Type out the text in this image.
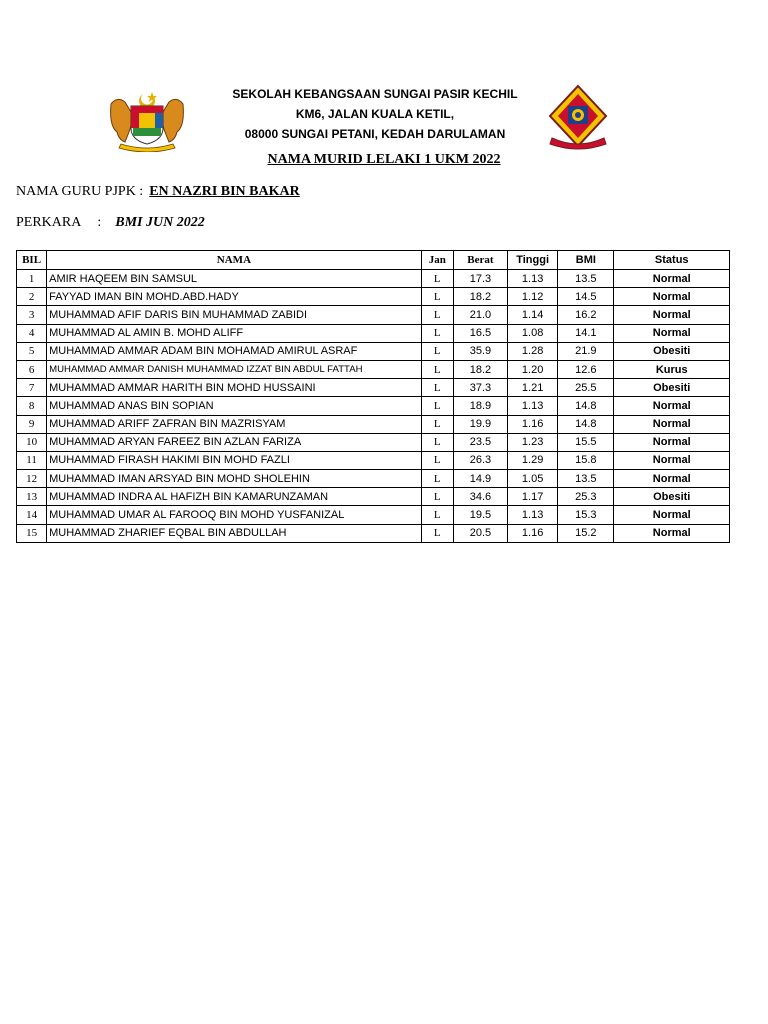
SEKOLAH KEBANGSAAN SUNGAI PASIR KECHIL
KM6, JALAN KUALA KETIL,
08000 SUNGAI PETANI, KEDAH DARULAMAN
NAMA MURID LELAKI 1 UKM 2022
NAMA GURU PJPK : EN NAZRI BIN BAKAR
PERKARA : BMI JUN 2022
BIL	NAMA	Jan	Berat	Tinggi	BMI	Status
1	AMIR HAQEEM BIN SAMSUL	L	17.3	1.13	13.5	Normal
2	FAYYAD IMAN BIN MOHD.ABD.HADY	L	18.2	1.12	14.5	Normal
3	MUHAMMAD AFIF DARIS BIN MUHAMMAD ZABIDI	L	21.0	1.14	16.2	Normal
4	MUHAMMAD AL AMIN B. MOHD ALIFF	L	16.5	1.08	14.1	Normal
5	MUHAMMAD AMMAR ADAM BIN MOHAMAD AMIRUL ASRAF	L	35.9	1.28	21.9	Obesiti
6	MUHAMMAD AMMAR DANISH MUHAMMAD IZZAT BIN ABDUL FATTAH	L	18.2	1.20	12.6	Kurus
7	MUHAMMAD AMMAR HARITH BIN MOHD HUSSAINI	L	37.3	1.21	25.5	Obesiti
8	MUHAMMAD ANAS BIN SOPIAN	L	18.9	1.13	14.8	Normal
9	MUHAMMAD ARIFF ZAFRAN BIN MAZRISYAM	L	19.9	1.16	14.8	Normal
10	MUHAMMAD ARYAN FAREEZ BIN AZLAN FARIZA	L	23.5	1.23	15.5	Normal
11	MUHAMMAD FIRASH HAKIMI BIN MOHD FAZLI	L	26.3	1.29	15.8	Normal
12	MUHAMMAD IMAN ARSYAD BIN MOHD SHOLEHIN	L	14.9	1.05	13.5	Normal
13	MUHAMMAD INDRA AL HAFIZH BIN KAMARUNZAMAN	L	34.6	1.17	25.3	Obesiti
14	MUHAMMAD UMAR AL FAROOQ BIN MOHD YUSFANIZAL	L	19.5	1.13	15.3	Normal
15	MUHAMMAD ZHARIEF EQBAL BIN ABDULLAH	L	20.5	1.16	15.2	Normal
